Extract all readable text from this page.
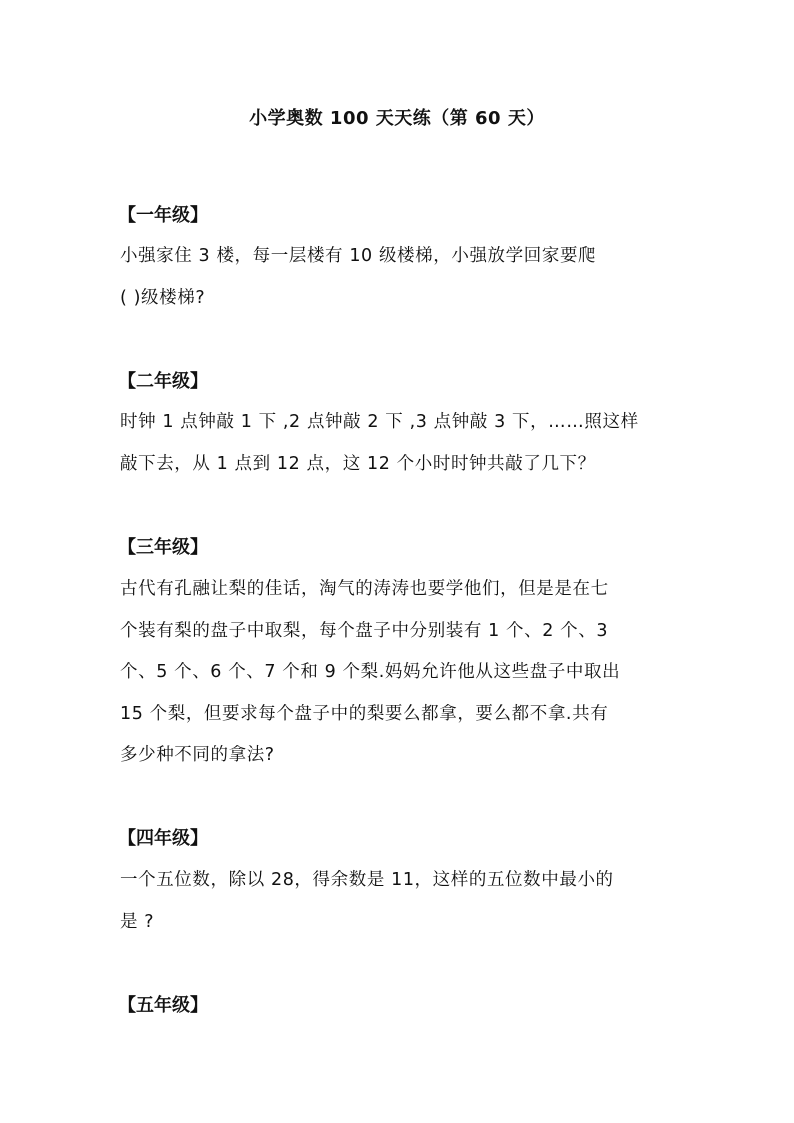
小学奥数 100 天天练（第 60 天）
【一年级】
小强家住 3 楼，每一层楼有 10 级楼梯，小强放学回家要爬
( )级楼梯?
【二年级】
时钟 1 点钟敲 1 下 ,2 点钟敲 2 下 ,3 点钟敲 3 下，……照这样
敲下去，从 1 点到 12 点，这 12 个小时时钟共敲了几下？
【三年级】
古代有孔融让梨的佳话，淘气的涛涛也要学他们，但是是在七
个装有梨的盘子中取梨，每个盘子中分别装有 1 个、2 个、3
个、5 个、6 个、7 个和 9 个梨.妈妈允许他从这些盘子中取出
15 个梨，但要求每个盘子中的梨要么都拿，要么都不拿.共有
多少种不同的拿法?
【四年级】
一个五位数，除以 28，得余数是 11，这样的五位数中最小的
是 ?
【五年级】
